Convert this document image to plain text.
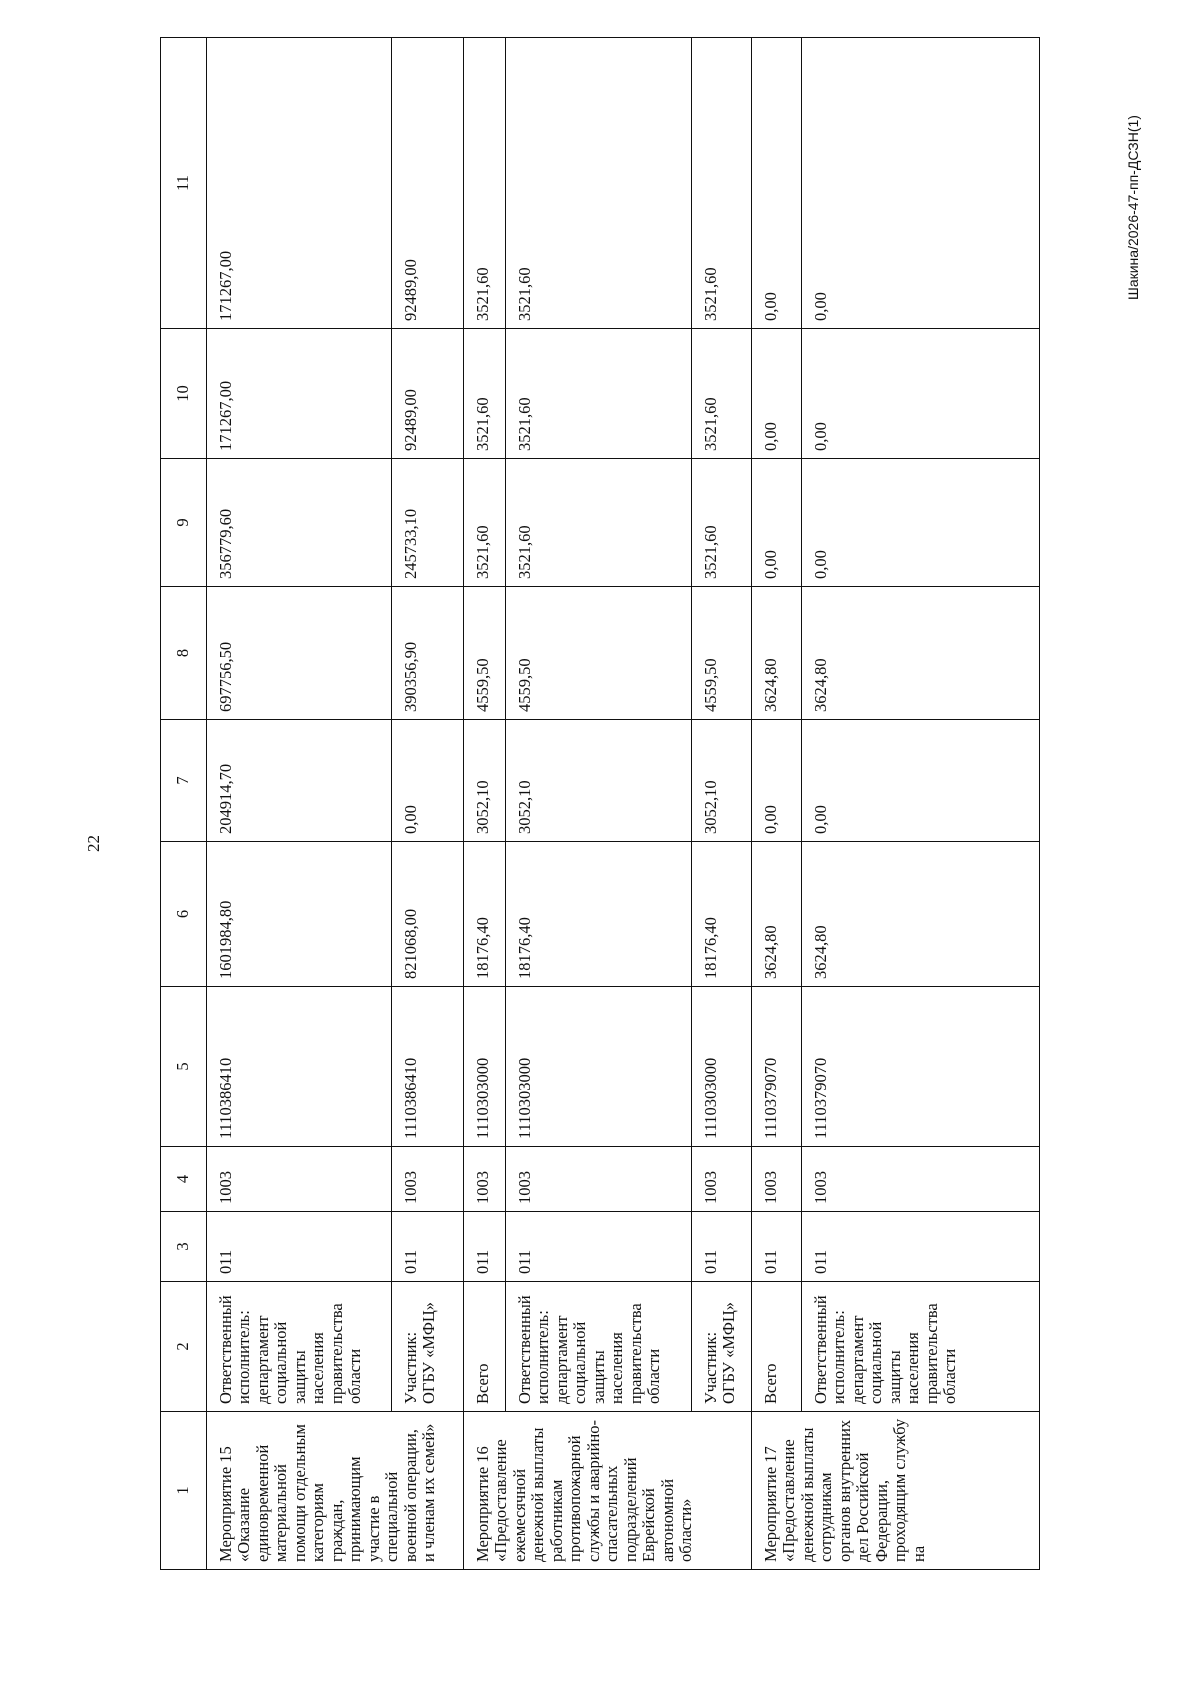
22
Шакина/2026-47-пп-ДСЗН(1)
1	2	3	4	5	6	7	8	9	10	11
Мероприятие 15 «Оказание единовременной материальной помощи отдельным категориям граждан, принимающим участие в специальной военной операции, и членам их семей»	Ответственный исполнитель: департамент социальной защиты населения правительства области	011	1003	1110386410	1601984,80	204914,70	697756,50	356779,60	171267,00	171267,00
	Участник: ОГБУ «МФЦ»	011	1003	1110386410	821068,00	0,00	390356,90	245733,10	92489,00	92489,00
Мероприятие 16 «Предоставление ежемесячной денежной выплаты работникам противопожарной службы и аварийно-спасательных подразделений Еврейской автономной области»	Всего	011	1003	1110303000	18176,40	3052,10	4559,50	3521,60	3521,60	3521,60
	Ответственный исполнитель: департамент социальной защиты населения правительства области	011	1003	1110303000	18176,40	3052,10	4559,50	3521,60	3521,60	3521,60
	Участник: ОГБУ «МФЦ»	011	1003	1110303000	18176,40	3052,10	4559,50	3521,60	3521,60	3521,60
Мероприятие 17 «Предоставление денежной выплаты сотрудникам органов внутренних дел Российской Федерации, проходящим службу на	Всего	011	1003	1110379070	3624,80	0,00	3624,80	0,00	0,00	0,00
	Ответственный исполнитель: департамент социальной защиты населения правительства области	011	1003	1110379070	3624,80	0,00	3624,80	0,00	0,00	0,00
